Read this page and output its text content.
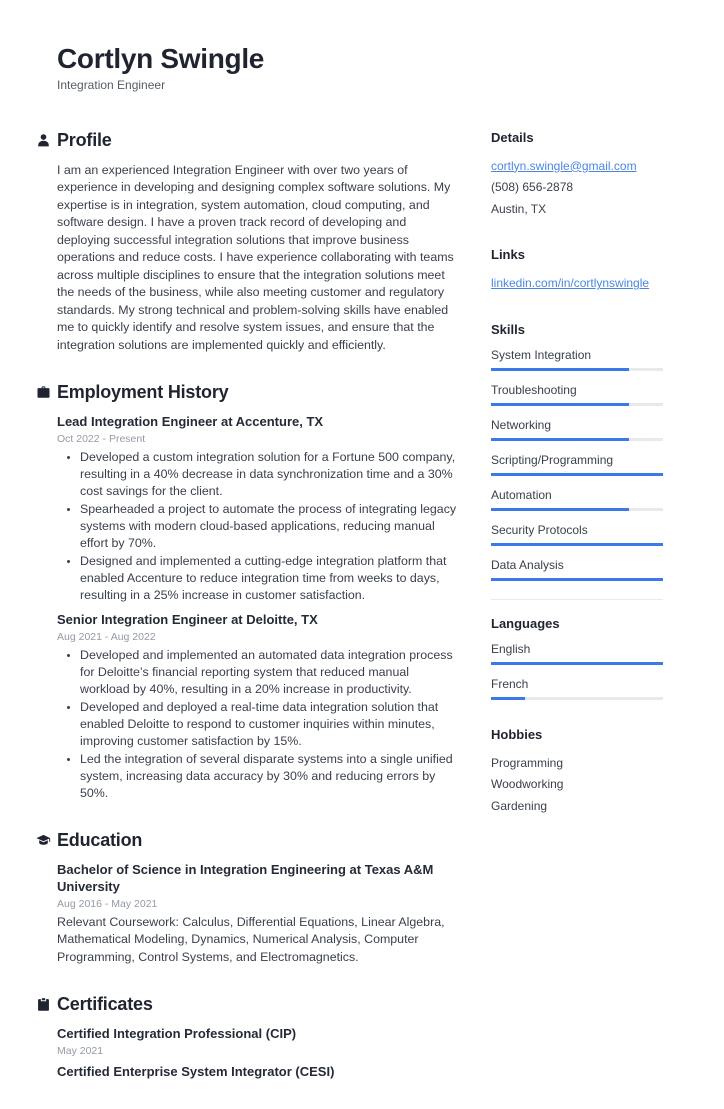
Cortlyn Swingle
Integration Engineer
Profile

I am an experienced Integration Engineer with over two years of experience in developing and designing complex software solutions. My expertise is in integration, system automation, cloud computing, and software design. I have a proven track record of developing and deploying successful integration solutions that improve business operations and reduce costs. I have experience collaborating with teams across multiple disciplines to ensure that the integration solutions meet the needs of the business, while also meeting customer and regulatory standards. My strong technical and problem-solving skills have enabled me to quickly identify and resolve system issues, and ensure that the integration solutions are implemented quickly and efficiently.

Employment History
Lead Integration Engineer at Accenture, TX
Oct 2022 - Present
• Developed a custom integration solution for a Fortune 500 company, resulting in a 40% decrease in data synchronization time and a 30% cost savings for the client.
• Spearheaded a project to automate the process of integrating legacy systems with modern cloud-based applications, reducing manual effort by 70%.
• Designed and implemented a cutting-edge integration platform that enabled Accenture to reduce integration time from weeks to days, resulting in a 25% increase in customer satisfaction.
Senior Integration Engineer at Deloitte, TX
Aug 2021 - Aug 2022
• Developed and implemented an automated data integration process for Deloitte’s financial reporting system that reduced manual workload by 40%, resulting in a 20% increase in productivity.
• Developed and deployed a real-time data integration solution that enabled Deloitte to respond to customer inquiries within minutes, improving customer satisfaction by 15%.
• Led the integration of several disparate systems into a single unified system, increasing data accuracy by 30% and reducing errors by 50%.
Education
Bachelor of Science in Integration Engineering at Texas A&M University
Aug 2016 - May 2021

Relevant Coursework: Calculus, Differential Equations, Linear Algebra, Mathematical Modeling, Dynamics, Numerical Analysis, Computer Programming, Control Systems, and Electromagnetics.

Certificates
Certified Integration Professional (CIP)
May 2021
Certified Enterprise System Integrator (CESI)
Details
cortlyn.swingle@gmail.com
(508) 656-2878
Austin, TX
Links
linkedin.com/in/cortlynswingle
Skills
System Integration
Troubleshooting
Networking
Scripting/Programming
Automation
Security Protocols
Data Analysis
Languages
English
French
Hobbies
Programming
Woodworking
Gardening
